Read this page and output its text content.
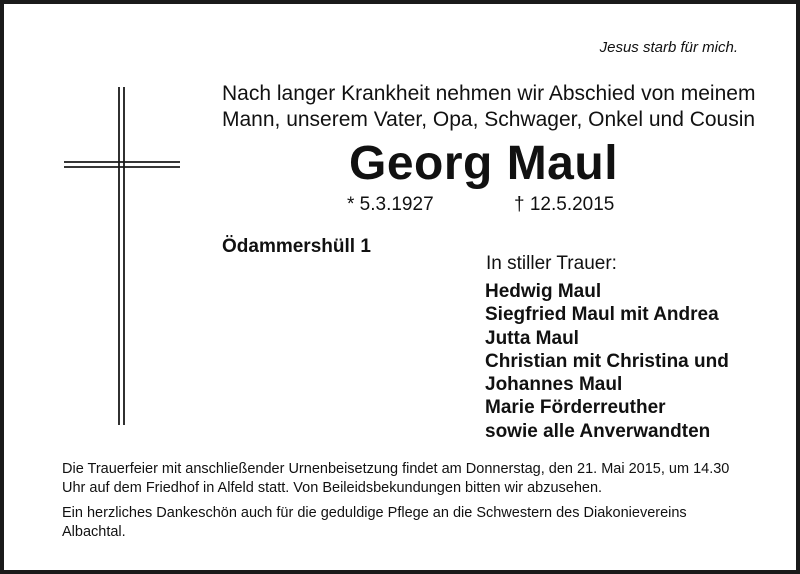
Jesus starb für mich.
Nach langer Krankheit nehmen wir Abschied von meinem
Mann, unserem Vater, Opa, Schwager, Onkel und Cousin
Georg Maul
* 5.3.1927	† 12.5.2015
Ödammershüll 1
In stiller Trauer:
Hedwig Maul
Siegfried Maul mit Andrea
Jutta Maul
Christian mit Christina und
Johannes Maul
Marie Förderreuther
sowie alle Anverwandten

Die Trauerfeier mit anschließender Urnenbeisetzung findet am Donnerstag, den 21. Mai 2015, um 14.30 Uhr auf dem Friedhof in Alfeld statt. Von Beileidsbekundungen bitten wir abzusehen.

Ein herzliches Dankeschön auch für die geduldige Pflege an die Schwestern des Diakonievereins Albachtal.
